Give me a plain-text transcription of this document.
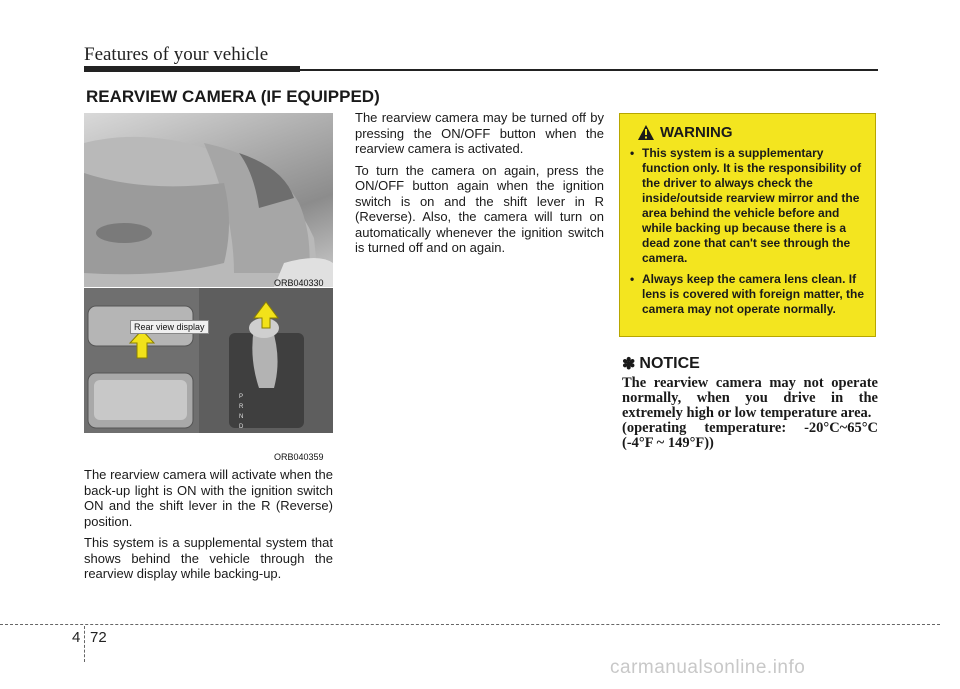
Features of your vehicle
REARVIEW CAMERA (IF EQUIPPED)
ORB040330
P
R
N
D
Rear view display
ORB040359

The rearview camera will activate when the back-up light is ON with the ignition switch ON and the shift lever in the R (Reverse) position.

This system is a supplemental system that shows behind the vehicle through the rearview display while backing-up.

The rearview camera may be turned off by pressing the ON/OFF button when the rearview camera is activated.

To turn the camera on again, press the ON/OFF button again when the ignition switch is on and the shift lever in R (Reverse). Also, the camera will turn on automatically whenever the ignition switch is turned off and on again.

WARNING
• This system is a supplementary function only. It is the responsibility of the driver to always check the inside/outside rearview mirror and the area behind the vehicle before and while backing up because there is a dead zone that can't see through the camera.
• Always keep the camera lens clean. If lens is covered with foreign matter, the camera may not operate normally.
✽ NOTICE
The rearview camera may not operate normally, when you drive in the extremely high or low temperature area.
(operating temperature: -20°C~65°C (-4°F ~ 149°F))
4 72
carmanualsonline.info
